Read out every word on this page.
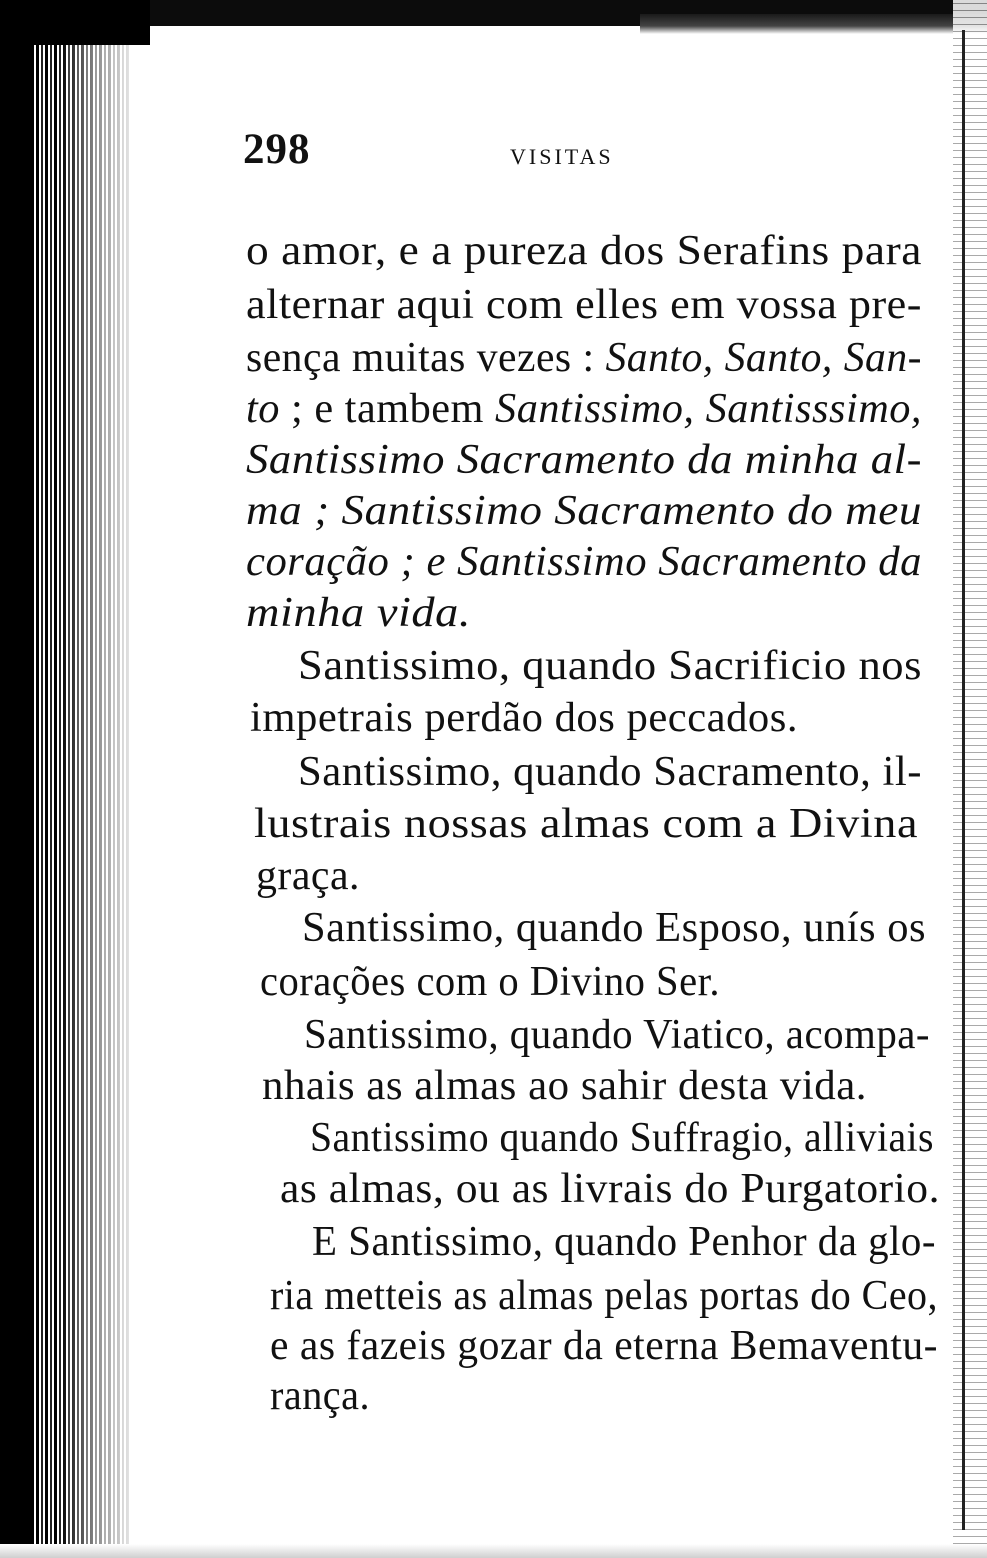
298	VISITAS
o amor, e a pureza dos Serafins para
alternar aqui com elles em vossa pre-
sença muitas vezes : Santo, Santo, San-
to ; e tambem Santissimo, Santisssimo,
Santissimo Sacramento da minha al-
ma ; Santissimo Sacramento do meu
coração ; e Santissimo Sacramento da
minha vida.
Santissimo, quando Sacrificio nos
impetrais perdão dos peccados.
Santissimo, quando Sacramento, il-
lustrais nossas almas com a Divina
graça.
Santissimo, quando Esposo, unís os
corações com o Divino Ser.
Santissimo, quando Viatico, acompa-
nhais as almas ao sahir desta vida.
Santissimo quando Suffragio, alliviais
as almas, ou as livrais do Purgatorio.
E Santissimo, quando Penhor da glo-
ria metteis as almas pelas portas do Ceo,
e as fazeis gozar da eterna Bemaventu-
rança.
